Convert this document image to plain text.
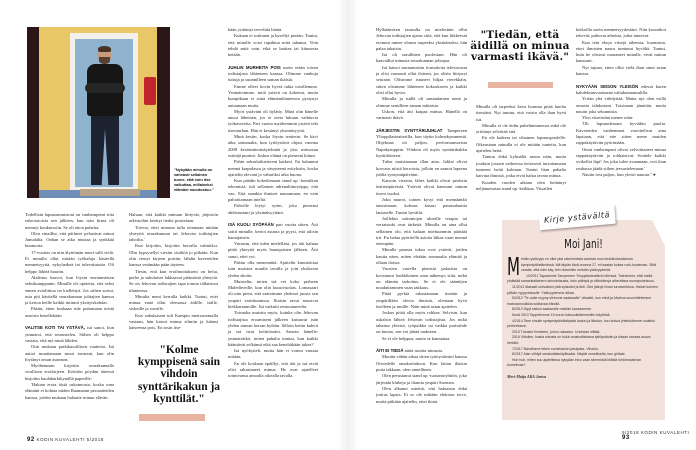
"Nykyään minulla on vahvasti sellainen tunne, että voin itse vaikuttaa, millaiseksi elämäni muodostuu."

Todellisin lapsuusmuistoni on vanhempieni riita raha-asioista sen jälkeen, kun isän firma oli mennyt konkurssiin. Se oli aitoa puhetta.

Olen vinaillut, että päihteet pelastivat minut Jumalalta. Onhan se aika mustaa ja synkkää huumoria.

17-vuotias on niin älyttömän nuori sälli vielä. Ei minulla ollut mitään työkaluja käsitellä menneisyyttä, nykyhetkeä tai tulevaisuutta. Oli helppo lähteä baariin.

Ahdistus kasvoi, kun löysin ensimmäisen seksikumppanin. Minulle oli opetettu, että seksi ennen avioliittoa on kiellettyä. Jos siihen sortui, asia piti käsitellä seurakunnan johtajien kanssa ja kertoa heille kaikki intiimit yksityiskohdat.

Päätin, etten koskaan tule puhumaan niistä asioista kenellekään.

VALITSE KOTI TAI YSTÄVÄ, isä sanoi, kun ymmärsi, että seurustelen. Siihen oli helppo vastata, että nyt minä lähden.

Otin mukaan putkikassillisen vaatteita. Isä auttoi muuttamaan muut tavarani, kun olin löytänyt oman asunnon.

Myöhemmin kirjoitin seurakunnalle virallisen eroikirjeen. Keittiön pöydän ääressä kirjoitin kuulakärkikynällä paperille:

'Haluan erota tästä uskonnosta, koska oma elämäni ei kohtaa niiden Raamatun periaatteiden kanssa, joiden mukaan haluatte minun elävän.

Haluan, että kaikki minuun liittyvät, järjestön arkistoihin kerätyt tiedot poistetaan.

Toivon, ettei minuun tulla ottamaan mitään yhteyttä seurakunnan tai Jehovan todistajien tahoilta.'

Kun kirjoitin, kirjoitin kerralla valmiiksi. Olin kypsytellyt viestin sisältöä jo pitkään. Kun olin vienyt kirjeen postiin, lähdin kavereiden kanssa vetämään pään täyteen.

Tiesin, että kun eroilmoitukseni on hetta, perhe ja sukulaiset lakkaavat pitämästä yhteyttä. Se on Jehovan todistajien tapa toimia tällaisissa tilanteissa.

Minulta meni kerralla kaikki. Tuntui, ettei minua enää ollut olemassa äidille, isälle, siskoille ja suvulle.

Kun sukulaiseni tuli Kampin metroasemalla vastaan, hän katsoi minua silmiin ja käänsi katseensa pois. En tosin itse-

kään yrittänyt tervehtiä häntä.

Kukaan ei soittanut ja kysellyt perään. Tuntui, että minulle voisi tapahtua mitä tahansa. Voin tehdä mitä vain, eikä se haittaa tai kiinnosta ketään.

JUHLIN MURHEITA POIS usein erään toisen todistajista lähteneen kanssa. Olimme vanhoja tuttuja ja suunnilleen saman ikäisiä.

Emme olleet kovin hyviä tukia toisillemme. Ymmärsimme, mitä ystävä on kokenut, mutta kumpikaan ei siinä elämäntilanteessa pystynyt auttamaan muita.

Myös ystäväni oli hylätty. Minä olin hänelle ainoa läheinen, jos ei oteta lukuun vaihtuvia työkavereita. Pari vuotta myöhemmin ystävä teki itsemurhan. Hän ei kestänyt yksinäisyyttä.

Minä kestin, koska löysin teatterin. Se kävi aika sattumalta, kun tyttöystävä ohjasi vuonna 2008 kesäteatterinäytelmää ja yksi miesosan esittäjä puuttui. Joskus elämä on pienestä kiinni.

Pahin seksuluikierteeni katkesi. En halunnut mennä krapulassa ja väsyneenä esityksiin, koska ajattelin olevani jo valmiiksi aika huono.

Kun päädin kokeilemaan stand up -komiikan tekemistä, tuli sellainen adrenaliiniryöppy, että vau. Että saankin ihmiset nauramaan, en vain pahoittamaan mieltä.

Pahville löytyi rytmi, joka pienensi ahdistustani ja yksinäisyyttäni.

ISÄ KUOLI SYÖPÄÄN pari vuotta sitten. Äiti soitti minulle, kertoi asiasta ja pyysi, että tulisin hautajaisiin.

Vastasin, että tulen mielelläni, jos äiti haluaa pitää yhteyttä myös hautajaisten jälkeen. Äiti sanoi, ettei voi.

Päätin olla menemättä. Ajattelin kunnioittaa isän muistoa muulla tavalla ja join yksikseni yhden shotin.

Muistelin, miten isä vei koko perheen Malediiveille, kun olin kuusivuotias. Lomasaari oli niin pieni, että saatoimme yhdessä juosta sen ympäri varttitunnissa. Iltaisin ravut nousivat hiekkarannoille. Isä vaikutti rentoutuneelta.

Toisaalta muistin myös, kuinka olin Jehovan todistajista eroamiseni jälkeen kutsunut isän yhden ainoan kerran kylään. Silloin keitin kahvit ja isä istui keittiössäni. Sanoin hänelle: ymmärrätkö, miten pahalta tuntuu, kun kaikki kääntävät selkänsä eikä saa keneltäkään tukea?

Isä nyökytteli, mutta hän ei voinut vastata mitään.

En ole koskaan epäillyt, että äiti ja isä eivät olisi rakastaneet minua. He ovat ajatelleet toimivansa ainoalla oikealla tavalla.

"Kolme kymppisenä sain vihdoin synttärikakun ja kynttilät."
92 KODIN KUVALEHTI 5/2018

Hylkäämisen taustalla on mielestäni ollut Jehovan todistajien ajatus siitä, että kun liikkeestä eronnut tuntee olonsa tarpeeksi yksinäiseksi, hän palaa takaisin.

Isä oli surullinen puolestani. Hän oli kaavaillut minusta seurakunnan johtajaa.

Isä katsoi sunnuntaisin formuloita televisiosta ja olisi varmasti ollut iloinen, jos olisin liittynyt seuraan. Olisimme istuneet hiljaa vierekkäin, sitten olisimme lähteneet kokoukseen ja kaikki olisi ollut hyvin.

Minulla ja isällä oli samanlainen nenä ja olimme sentilleen saman mittaisia.

Uskon, että äiti kaipaa minua. Hänellä on varmasti ikävä.

JÄRJESTIN SYNTTÄRIJUHLAT Tampereen Ylioppilasteatterilla, kun täytin kolmekymmentä. Ohjelmaa oli paljon, performansseista Napakymppiin. Vihdoin oli myös synttärikakku kynttilöineen.

Tulen muistamaan illan aina. Juhlat olivat korvaus niistä kerroista, jolloin en saanut lapsena juhlia syntymäpäiviäni.

Katsoin vieraita, lähes kaikki olivat peräisin teatteripiireistä. Ystävät olivat kanssani minun itseni vuoksi.

Joku nauroi, toinen kysyi että mennäänkö tanssimaan, kolmas kasasi pastasalaattia lautaselle. Tuntui hyvältä.

Joillekin uskontojen uhreille terapia tai vertaistuki ovat tärkeitä. Minulla on aina ollut sellainen olo, että haluan mieluummin päästää irti. En halua pyöritellä asioita liikaa vaan mennä eteenpäin.

Minulle parasta tukea ovat ystävät, joiden kautta näen, miten eletään normaalia elämää ja ollaan iloisia.

Vuosien varrella pienistä palasista on koostunut lonkkilainen oma näkemys siitä, mikä on elämän tarkoitus. Se ei ole sääntöjen noudattaminen vaan rakkaus.

Pitää pyrkiä rakastamaan itseään ja ympärillään olevia ihmisiä, olemaan hyvä itselleen ja muille. Näin minä asian ajattelen.

Joskus pitää olla myös rohkea. Selvisin, kun uskalsin lähteä Jehovan todistajista. Jos mikä tahansa yhteisö, työpaikka tai vaikka parisuhde on huono, sen voi jättää taakseen.

Se ei ole helppoa, mutta se kannattaa.

ÄITI EI TIEDÄ näitä asioita minusta.

Muutin vähän aikaa sitten tyttöystäväni kanssa Orivedelle omakotitaloon. Kun laitan iltaisin puita takkaan, olen onnellinen.

Olen perustanut stand up -tuotantoyhtiön, joka järjestää klubeja ja iltamia ympäri Suomea.

Olen alkanut miettiä, että haluaisin ehkä joskus lapsia. Ei se ole mikään ehdoton toive, mutta pitkään ajattelin, ettei ikinä.

"Tiedän, että äidillä on minua varmasti ikävä."

Minulla oli tarpeeksi kova homma pitää huolta itsestäni. Nyt tuntuu, että voisin olla ihan hyvä isä.

Minulla ei ole äidin puhelinnumeroa enkä ole yrittänyt selvittää sitä.

En ole katkera tai vihainen lapsuuspuolelle. Oikeastaan minulla ei ole mitään tunteita, kun ajattelen heitä.

Tuntuu ehkä kylmältä sanoa näin, mutta jouduin jossain vaiheessa tietoisesti turruttamaan tunteeni heitä kohtaan. Tuntui liian pahalta kaivata ihmisiä, jotka eivät halua tavata minua.

Kuuden vuoden aikana olen heittänyt neljännesataa stand up -keikkaa. Vitsailen

keikoilla usein menneisyydestäni. Niin koomikot tekevät, puhuvat aiheista, jotka tuntevat.

Kun tein ekoja vitsejä aiheesta, huomasin, ettei ihmisten nauru tuntunut hyvältä. Tuntui, kuin he olisivat nauraneet minulle, eivät minun kanssani.

Nyt tajuan, etten ollut vielä ihan sinut asian kanssa.

NYKYÄÄN SEISON YLEISÖN edessä kuten kahdeksanvuotiaana valtakunnansalilla.

Yritän yhä viihdyttää. Mutta nyt olen esillä omasta tahdostani. Toisinaan jännitän, mutta nautin joka sekunnista.

Yksi vitseistäni menee näin:

'Oli lapsuudessani hyviäkin puolia. Kavereiden vanhemmat varoittelivat aina lapsiaan, että etie sitten mene muiden rappukäytäviin pyörimään.

Omat vanhempani olivat velvoittaneet minua rappukäytäviin ja rohkaisivat: Soittele kaikki ovikellot läpi! Jos joku tulee avaamaan, voit ihan rauhassa jäädä siihen jeesustelemaan.'

Nautin tosi paljon, kun yleisö nauraa." ●

Kirje ystävältä
Moi Jani!
M eidän ystävyys on ollut yksi rakeimmista asioista mun keskiluokkaisessa kympintyttöelämässä. Mä täytän tänä vuonna 27, eli saatan kokea rock-kuoleman. Siltä varalta, että näin käy, tein historiikin meidän ystävyydestä.

10/2011 Tapaamme Tampereen Ylioppilasteatterin bileissä. Totesimme, että meitä yhdistää samankaltainen uskontotausta, halu päihtyä ja välinkkeoja aiheuttava suorapuheisuus.

11/2011 Makasit sohvallani pää sylissäni ja itkit. Olet jäänyt ilman turvaverkkoa. Haiset kolmen päivän ryypyreissulle. Ystävyytemme alkaa.

5/2012 "Te ootte myyny sielunne saatanalle" vitsailet, kun minä ja Markus suunnittelemme mainosmusiikkia soittavaa bändiä.

8/2012 Myyt sielusi saatanalle meidän kanssamme.

Kesä 2013 Tappelemme 10 euron katusoittotienestien käytöstä.

4/2014 Teen sinulle syntymäpäivälahjaksi laulun ja liikutun, kun kutsut yhteisöämme uudeksi perheeksesi.

2015 Tutustut ihmiseen, johon rakastun. Unohdan kiittää.

2016 Vittuilen, koska sinusta on tullut omakotitalossa tyttöystävän ja kissan kanssa asuva herkkiö.

7/2017 Bändimme tekee comebackin jahajaisa. Vihdoin.

8/2017 Alan viihtyä omakotitaloidyllissäsi. Näytät onnelliselta, kun grillaat.

Huh huh, miten suu ajatellessa nykyään irtoo vaan tämmöstä kiltistä tuhkimotarinan tunnelmaa?

Meri-Maija AKA Jartsa

5/2018 KODIN KUVALEHTI 93
